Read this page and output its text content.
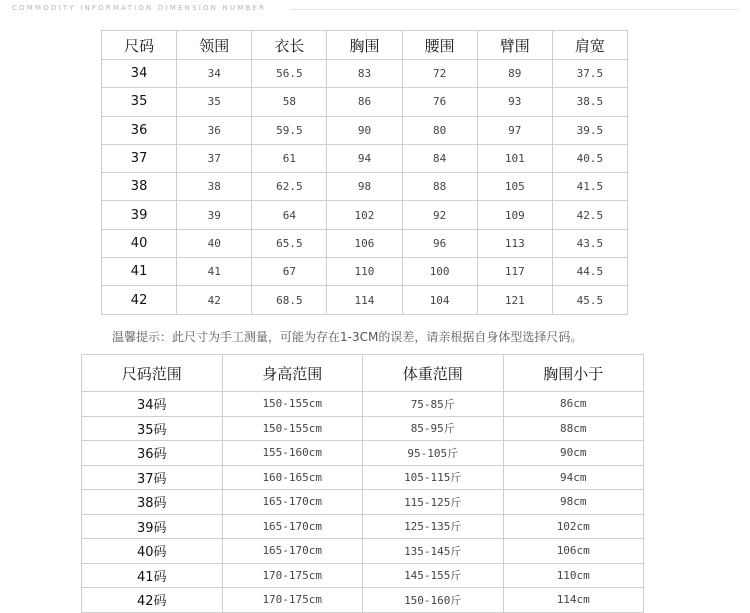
COMMODITY INFORMATION DIMENSION NUMBER
尺码	领围	衣长	胸围	腰围	臂围	肩宽
34	34	56.5	83	72	89	37.5
35	35	58	86	76	93	38.5
36	36	59.5	90	80	97	39.5
37	37	61	94	84	101	40.5
38	38	62.5	98	88	105	41.5
39	39	64	102	92	109	42.5
40	40	65.5	106	96	113	43.5
41	41	67	110	100	117	44.5
42	42	68.5	114	104	121	45.5
温馨提示：此尺寸为手工测量，可能为存在1-3CM的误差，请亲根据自身体型选择尺码。
尺码范围	身高范围	体重范围	胸围小于
34码	150-155cm	75-85斤	86cm
35码	150-155cm	85-95斤	88cm
36码	155-160cm	95-105斤	90cm
37码	160-165cm	105-115斤	94cm
38码	165-170cm	115-125斤	98cm
39码	165-170cm	125-135斤	102cm
40码	165-170cm	135-145斤	106cm
41码	170-175cm	145-155斤	110cm
42码	170-175cm	150-160斤	114cm
